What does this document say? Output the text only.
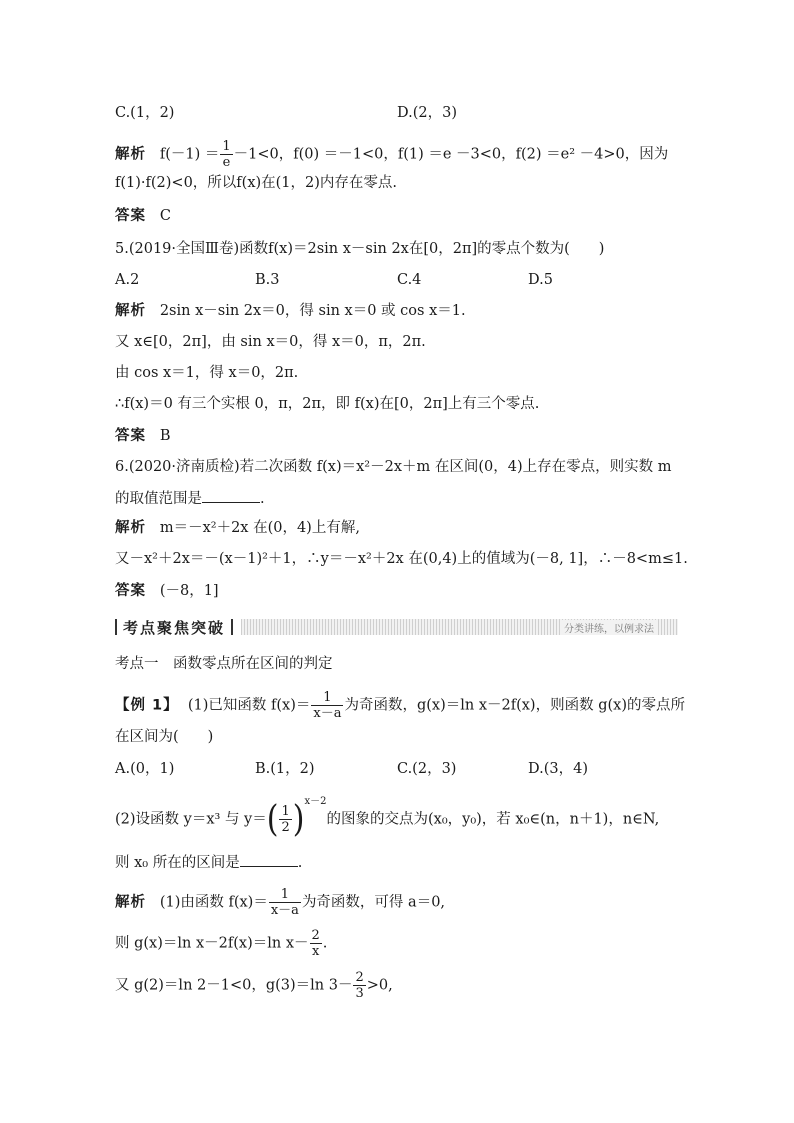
C.(1，2)	D.(2，3)
解析 $f(-1) = \frac{1}{e} -1<0$，f(0) ＝－1<0，f(1) ＝e －3<0，f(2) ＝e² －4>0，因为
f(1)·f(2)<0，所以f(x)在(1，2)内存在零点.
答案 C
5.(2019·全国Ⅲ卷)函数f(x)＝2sin x－sin 2x在[0，2π]的零点个数为(　　)
A.2	B.3	C.4	D.5
解析 2sin x－sin 2x＝0，得 sin x＝0 或 cos x＝1.
又 x∈[0，2π]，由 sin x＝0，得 x＝0，π，2π.
由 cos x＝1，得 x＝0，2π.
∴f(x)＝0 有三个实根 0，π，2π，即 f(x)在[0，2π]上有三个零点.
答案 B
6.(2020·济南质检)若二次函数 f(x)＝x²－2x＋m 在区间(0，4)上存在零点，则实数 m
的取值范围是	.
解析 m＝－x²＋2x 在(0，4)上有解,
又－x²＋2x＝－(x－1)²＋1，∴y＝－x²＋2x 在(0,4)上的值域为(－8, 1]，∴－8<m≤1.
答案 (－8，1]
考点聚焦突破	分类讲练，以例求法
考点一　函数零点所在区间的判定
【例 1】 (1)已知函数 $f(x)= \frac{1}{x-a}$ 为奇函数，g(x)＝ln x－2f(x)，则函数 g(x)的零点所
在区间为(　　)
A.(0，1)	B.(1，2)	C.(2，3)	D.(3，4)
(2)设函数 y＝x³ 与 $y=( \frac{1}{2} )^{x-2}$的图象的交点为(x₀，y₀)，若 x₀∈(n，n＋1)，n∈N,
则 x₀ 所在的区间是	.
解析 (1)由函数 $f(x)= \frac{1}{x-a}$ 为奇函数，可得 a＝0,
则 g(x)＝ln x－2f(x)＝ln $x- \frac{2}{x}$ .
又 g(2)＝ln 2－1<0，g(3)＝ln $3- \frac{2}{3} >0$,
